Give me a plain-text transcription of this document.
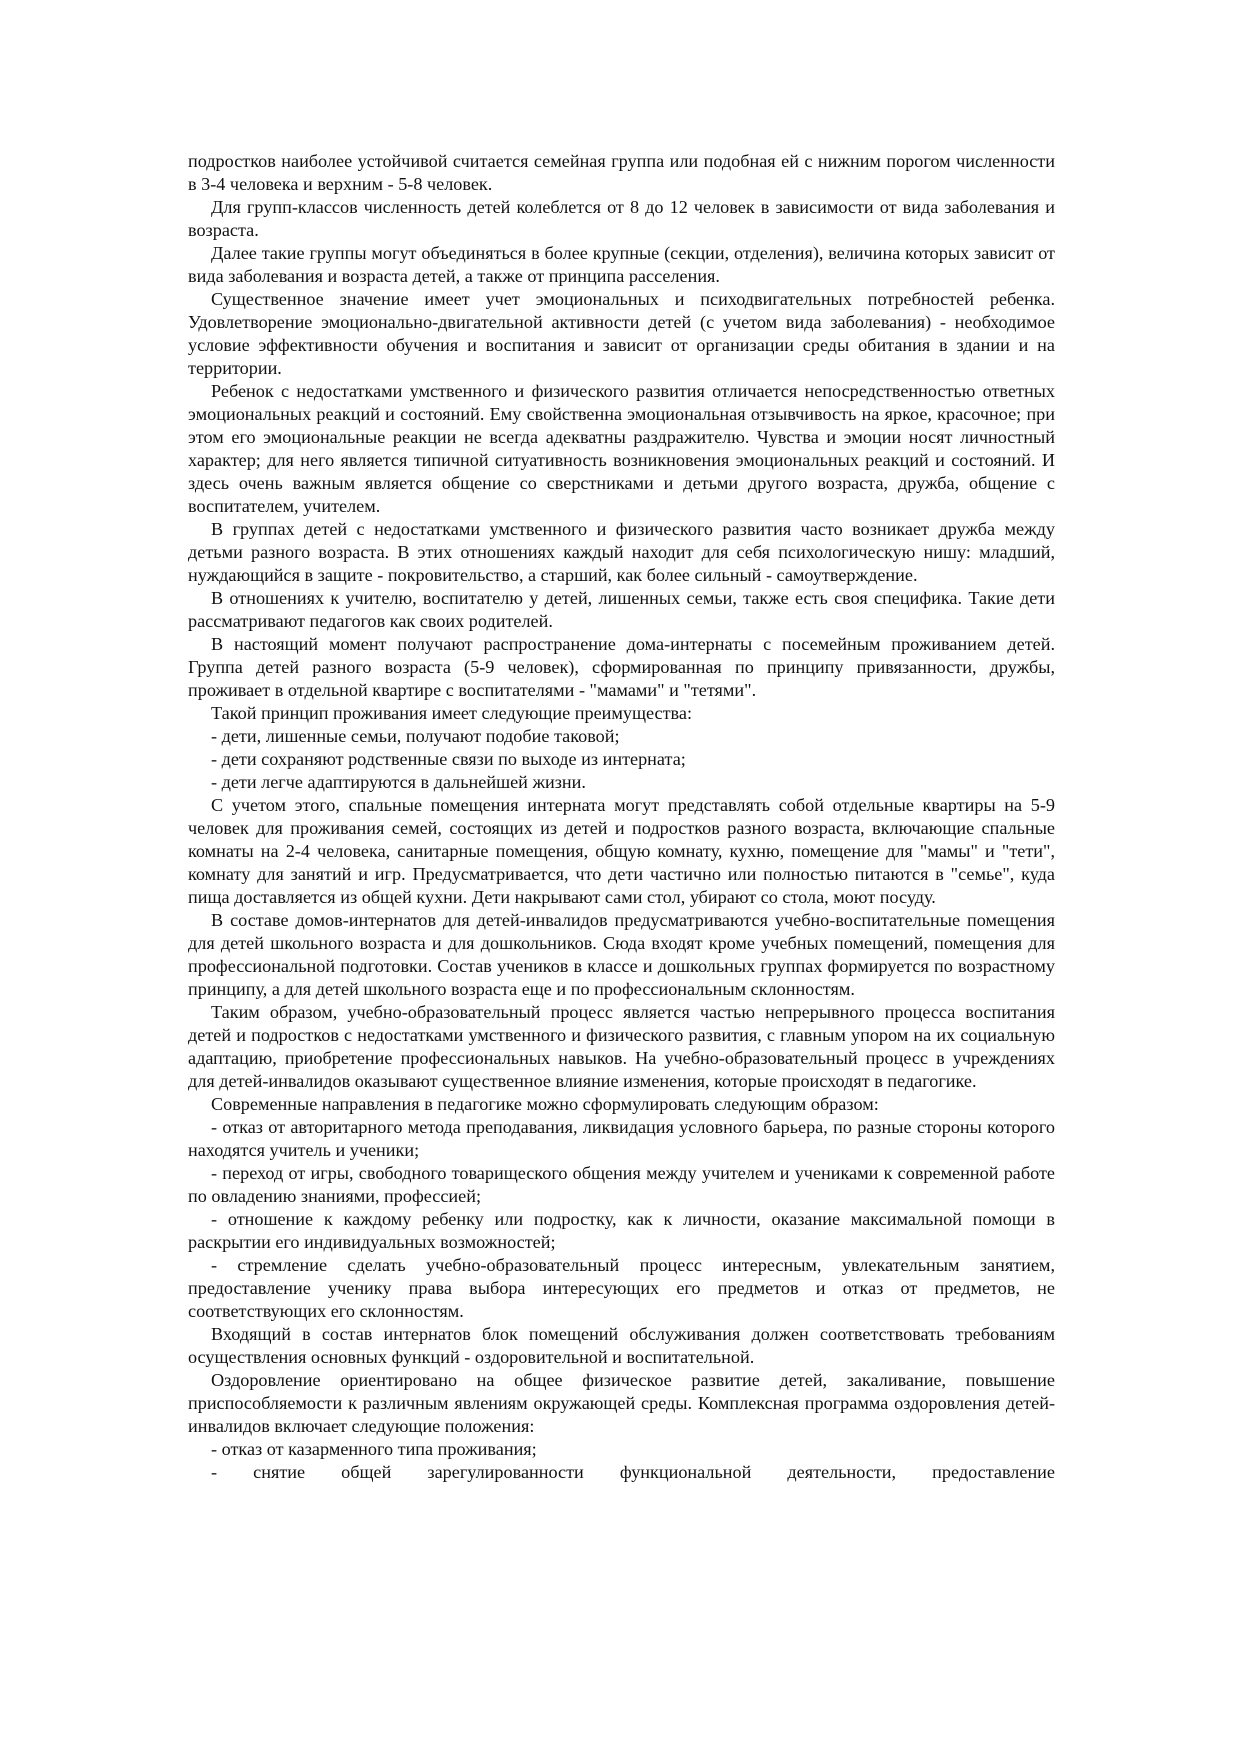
подростков наиболее устойчивой считается семейная группа или подобная ей с нижним порогом численности в 3-4 человека и верхним - 5-8 человек.

Для групп-классов численность детей колеблется от 8 до 12 человек в зависимости от вида заболевания и возраста.

Далее такие группы могут объединяться в более крупные (секции, отделения), величина которых зависит от вида заболевания и возраста детей, а также от принципа расселения.

Существенное значение имеет учет эмоциональных и психодвигательных потребностей ребенка. Удовлетворение эмоционально-двигательной активности детей (с учетом вида заболевания) - необходимое условие эффективности обучения и воспитания и зависит от организации среды обитания в здании и на территории.

Ребенок с недостатками умственного и физического развития отличается непосредственностью ответных эмоциональных реакций и состояний. Ему свойственна эмоциональная отзывчивость на яркое, красочное; при этом его эмоциональные реакции не всегда адекватны раздражителю. Чувства и эмоции носят личностный характер; для него является типичной ситуативность возникновения эмоциональных реакций и состояний. И здесь очень важным является общение со сверстниками и детьми другого возраста, дружба, общение с воспитателем, учителем.

В группах детей с недостатками умственного и физического развития часто возникает дружба между детьми разного возраста. В этих отношениях каждый находит для себя психологическую нишу: младший, нуждающийся в защите - покровительство, а старший, как более сильный - самоутверждение.

В отношениях к учителю, воспитателю у детей, лишенных семьи, также есть своя специфика. Такие дети рассматривают педагогов как своих родителей.

В настоящий момент получают распространение дома-интернаты с посемейным проживанием детей. Группа детей разного возраста (5-9 человек), сформированная по принципу привязанности, дружбы, проживает в отдельной квартире с воспитателями - "мамами" и "тетями".

Такой принцип проживания имеет следующие преимущества:

- дети, лишенные семьи, получают подобие таковой;

- дети сохраняют родственные связи по выходе из интерната;

- дети легче адаптируются в дальнейшей жизни.

С учетом этого, спальные помещения интерната могут представлять собой отдельные квартиры на 5-9 человек для проживания семей, состоящих из детей и подростков разного возраста, включающие спальные комнаты на 2-4 человека, санитарные помещения, общую комнату, кухню, помещение для "мамы" и "тети", комнату для занятий и игр. Предусматривается, что дети частично или полностью питаются в "семье", куда пища доставляется из общей кухни. Дети накрывают сами стол, убирают со стола, моют посуду.

В составе домов-интернатов для детей-инвалидов предусматриваются учебно-воспитательные помещения для детей школьного возраста и для дошкольников. Сюда входят кроме учебных помещений, помещения для профессиональной подготовки. Состав учеников в классе и дошкольных группах формируется по возрастному принципу, а для детей школьного возраста еще и по профессиональным склонностям.

Таким образом, учебно-образовательный процесс является частью непрерывного процесса воспитания детей и подростков с недостатками умственного и физического развития, с главным упором на их социальную адаптацию, приобретение профессиональных навыков. На учебно-образовательный процесс в учреждениях для детей-инвалидов оказывают существенное влияние изменения, которые происходят в педагогике.

Современные направления в педагогике можно сформулировать следующим образом:

- отказ от авторитарного метода преподавания, ликвидация условного барьера, по разные стороны которого находятся учитель и ученики;

- переход от игры, свободного товарищеского общения между учителем и учениками к современной работе по овладению знаниями, профессией;

- отношение к каждому ребенку или подростку, как к личности, оказание максимальной помощи в раскрытии его индивидуальных возможностей;

- стремление сделать учебно-образовательный процесс интересным, увлекательным занятием, предоставление ученику права выбора интересующих его предметов и отказ от предметов, не соответствующих его склонностям.

Входящий в состав интернатов блок помещений обслуживания должен соответствовать требованиям осуществления основных функций - оздоровительной и воспитательной.

Оздоровление ориентировано на общее физическое развитие детей, закаливание, повышение приспособляемости к различным явлениям окружающей среды. Комплексная программа оздоровления детей-инвалидов включает следующие положения:

- отказ от казарменного типа проживания;

- снятие общей зарегулированности функциональной деятельности, предоставление
